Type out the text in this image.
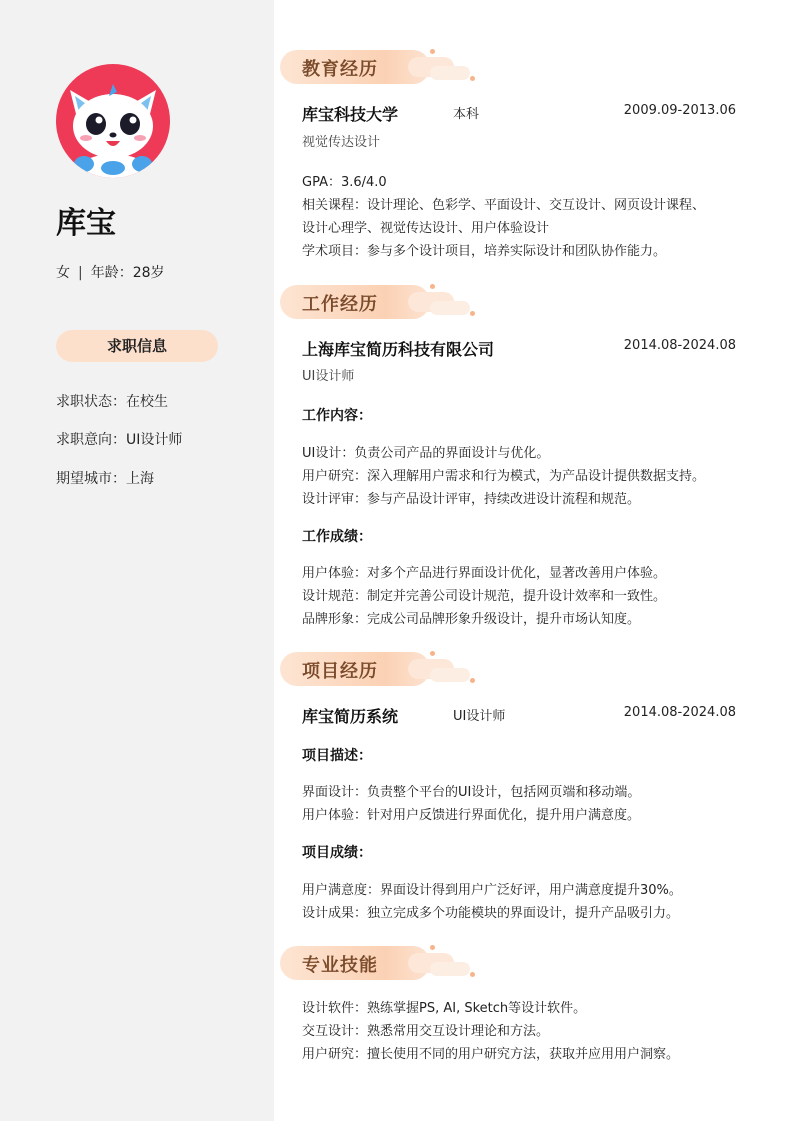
库宝
女 | 年龄：28岁
求职信息
求职状态：在校生
求职意向：UI设计师
期望城市：上海
教育经历
库宝科技大学	本科	2009.09-2013.06
视觉传达设计
GPA：3.6/4.0
相关课程：设计理论、色彩学、平面设计、交互设计、网页设计课程、
设计心理学、视觉传达设计、用户体验设计
学术项目：参与多个设计项目，培养实际设计和团队协作能力。
工作经历
上海库宝简历科技有限公司	2014.08-2024.08
UI设计师
工作内容：
UI设计：负责公司产品的界面设计与优化。
用户研究：深入理解用户需求和行为模式，为产品设计提供数据支持。
设计评审：参与产品设计评审，持续改进设计流程和规范。
工作成绩：
用户体验：对多个产品进行界面设计优化，显著改善用户体验。
设计规范：制定并完善公司设计规范，提升设计效率和一致性。
品牌形象：完成公司品牌形象升级设计，提升市场认知度。
项目经历
库宝简历系统	UI设计师	2014.08-2024.08
项目描述：
界面设计：负责整个平台的UI设计，包括网页端和移动端。
用户体验：针对用户反馈进行界面优化，提升用户满意度。
项目成绩：
用户满意度：界面设计得到用户广泛好评，用户满意度提升30%。
设计成果：独立完成多个功能模块的界面设计，提升产品吸引力。
专业技能
设计软件：熟练掌握PS, AI, Sketch等设计软件。
交互设计：熟悉常用交互设计理论和方法。
用户研究：擅长使用不同的用户研究方法，获取并应用用户洞察。
